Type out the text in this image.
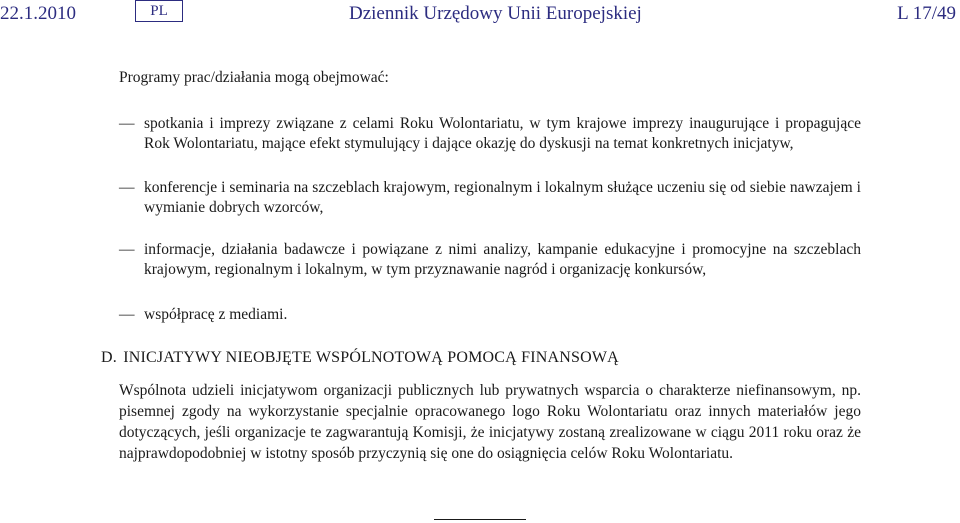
22.1.2010	PL	Dziennik Urzędowy Unii Europejskiej	L 17/49
Programy prac/działania mogą obejmować:
— spotkania i imprezy związane z celami Roku Wolontariatu, w tym krajowe imprezy inaugurujące i propagujące Rok Wolontariatu, mające efekt stymulujący i dające okazję do dyskusji na temat konkretnych inicjatyw,
— konferencje i seminaria na szczeblach krajowym, regionalnym i lokalnym służące uczeniu się od siebie nawzajem i wymianie dobrych wzorców,
— informacje, działania badawcze i powiązane z nimi analizy, kampanie edukacyjne i promocyjne na szczeblach krajowym, regionalnym i lokalnym, w tym przyznawanie nagród i organizację konkursów,
— współpracę z mediami.
D. INICJATYWY NIEOBJĘTE WSPÓLNOTOWĄ POMOCĄ FINANSOWĄ
Wspólnota udzieli inicjatywom organizacji publicznych lub prywatnych wsparcia o charakterze niefinansowym, np. pisemnej zgody na wykorzystanie specjalnie opracowanego logo Roku Wolontariatu oraz innych materiałów jego dotyczących, jeśli organizacje te zagwarantują Komisji, że inicjatywy zostaną zrealizowane w ciągu 2011 roku oraz że najprawdopodobniej w istotny sposób przyczynią się one do osiągnięcia celów Roku Wolontariatu.
